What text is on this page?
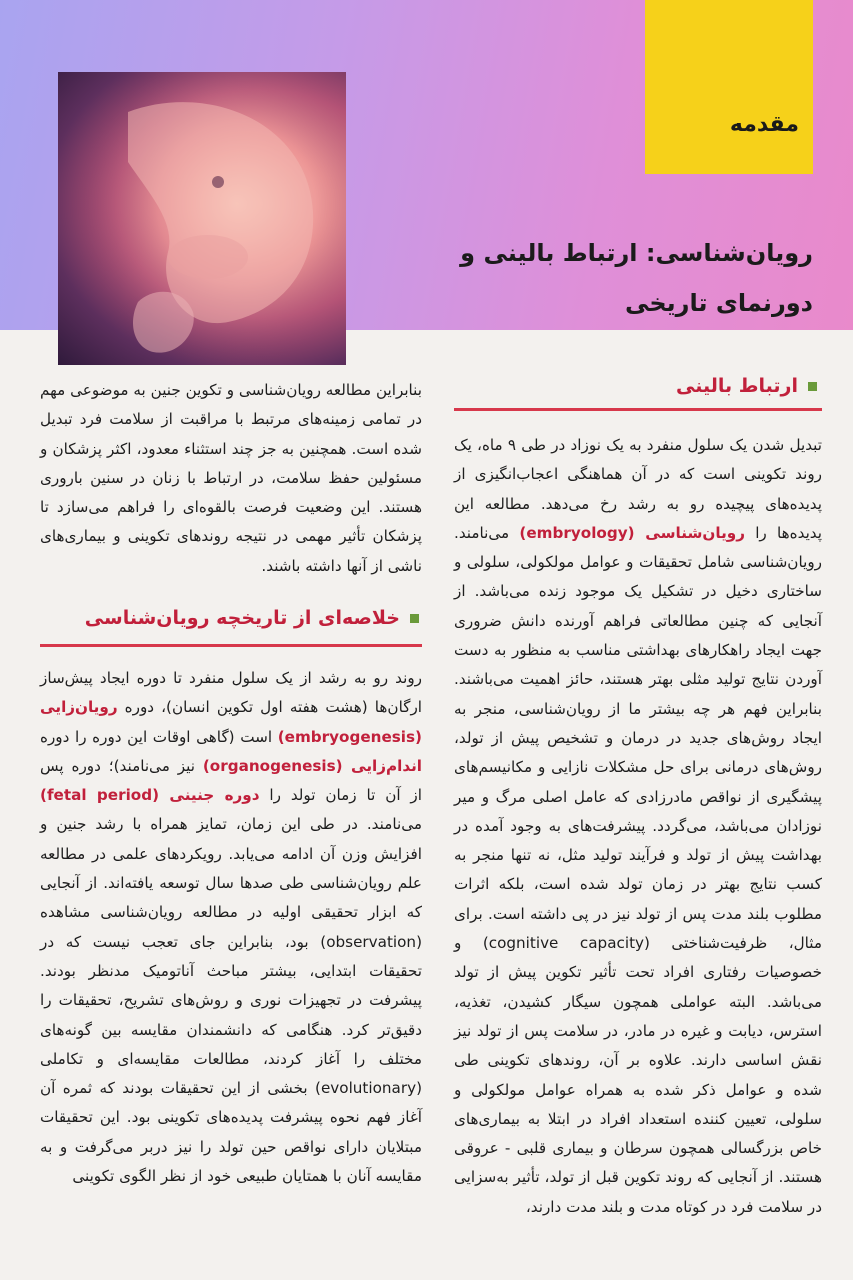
مقدمه
رویان‌شناسی: ارتباط بالینی و دورنمای تاریخی
ارتباط بالینی

تبدیل شدن یک سلول منفرد به یک نوزاد در طی ۹ ماه، یک روند تکوینی است که در آن هماهنگی اعجاب‌انگیزی از پدیده‌های پیچیده رو به رشد رخ می‌دهد. مطالعه این پدیده‌ها را رویان‌شناسی (embryology) می‌نامند. رویان‌شناسی شامل تحقیقات و عوامل مولکولی، سلولی و ساختاری دخیل در تشکیل یک موجود زنده می‌باشد. از آنجایی که چنین مطالعاتی فراهم آورنده دانش ضروری جهت ایجاد راهکارهای بهداشتی مناسب به منظور به دست آوردن نتایج تولید مثلی بهتر هستند، حائز اهمیت می‌باشند. بنابراین فهم هر چه بیشتر ما از رویان‌شناسی، منجر به ایجاد روش‌های جدید در درمان و تشخیص پیش از تولد، روش‌های درمانی برای حل مشکلات نازایی و مکانیسم‌های پیشگیری از نواقص مادرزادی که عامل اصلی مرگ و میر نوزادان می‌باشد، می‌گردد. پیشرفت‌های به وجود آمده در بهداشت پیش از تولد و فرآیند تولید مثل، نه تنها منجر به کسب نتایج بهتر در زمان تولد شده است، بلکه اثرات مطلوب بلند مدت پس از تولد نیز در پی داشته است. برای مثال، ظرفیت‌شناختی (cognitive capacity) و خصوصیات رفتاری افراد تحت تأثیر تکوین پیش از تولد می‌باشد. البته عواملی همچون سیگار کشیدن، تغذیه، استرس، دیابت و غیره در مادر، در سلامت پس از تولد نیز نقش اساسی دارند. علاوه بر آن، روندهای تکوینی طی شده و عوامل ذکر شده به همراه عوامل مولکولی و سلولی، تعیین کننده استعداد افراد در ابتلا به بیماری‌های خاص بزرگسالی همچون سرطان و بیماری قلبی - عروقی هستند. از آنجایی که روند تکوین قبل از تولد، تأثیر به‌سزایی در سلامت فرد در کوتاه مدت و بلند مدت دارند،

بنابراین مطالعه رویان‌شناسی و تکوین جنین به موضوعی مهم در تمامی زمینه‌های مرتبط با مراقبت از سلامت فرد تبدیل شده است. همچنین به جز چند استثناء معدود، اکثر پزشکان و مسئولین حفظ سلامت، در ارتباط با زنان در سنین باروری هستند. این وضعیت فرصت بالقوه‌ای را فراهم می‌سازد تا پزشکان تأثیر مهمی در نتیجه روندهای تکوینی و بیماری‌های ناشی از آنها داشته باشند.

خلاصه‌ای از تاریخچه رویان‌شناسی

روند رو به رشد از یک سلول منفرد تا دوره ایجاد پیش‌ساز ارگان‌ها (هشت هفته اول تکوین انسان)، دوره رویان‌زایی (embryogenesis) است (گاهی اوقات این دوره را دوره اندام‌زایی (organogenesis) نیز می‌نامند)؛ دوره پس از آن تا زمان تولد را دوره جنینی (fetal period) می‌نامند. در طی این زمان، تمایز همراه با رشد جنین و افزایش وزن آن ادامه می‌یابد. رویکردهای علمی در مطالعه علم رویان‌شناسی طی صدها سال توسعه یافته‌اند. از آنجایی که ابزار تحقیقی اولیه در مطالعه رویان‌شناسی مشاهده (observation) بود، بنابراین جای تعجب نیست که در تحقیقات ابتدایی، بیشتر مباحث آناتومیک مدنظر بودند. پیشرفت در تجهیزات نوری و روش‌های تشریح، تحقیقات را دقیق‌تر کرد. هنگامی که دانشمندان مقایسه بین گونه‌های مختلف را آغاز کردند، مطالعات مقایسه‌ای و تکاملی (evolutionary) بخشی از این تحقیقات بودند که ثمره آن آغاز فهم نحوه پیشرفت پدیده‌های تکوینی بود. این تحقیقات مبتلایان دارای نواقص حین تولد را نیز دربر می‌گرفت و به مقایسه آنان با همتایان طبیعی خود از نظر الگوی تکوینی
